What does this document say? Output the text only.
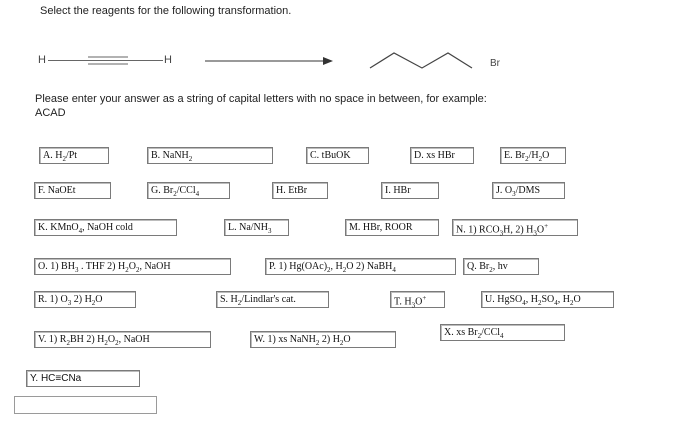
Select the reagents for the following transformation.
H	H	Br
Please enter your answer as a string of capital letters with no space in between, for example:
ACAD
A. $H_2/Pt$	B. NaNH$_2$	C. tBuOK	D. xs HBr	E. $Br_2/H_2O$
F. NaOEt	G. $Br_2/CCl_4$	H. EtBr	I. HBr	J. $O_3$/DMS
K. KMnO$_4$, NaOH cold	L. $Na/NH_3$	M. HBr, ROOR	N. 1) $RCO_3H$, 2) $H_3O^+$
O. 1) $BH_3$ . THF 2) $H_2O_2$, NaOH	P. 1) $Hg(OAc)_2$, $H_2O$ 2) NaBH$_4$	Q. $Br_2$, hv
R. 1) $O_3$ 2) $H_2O$	S. $H_2/Lindlar's$ cat.	T. $H_3O^+$	U. HgSO$_4$, $H_2SO_4$, $H_2O$
V. 1) $R_2BH$ 2) $H_2O_2$, NaOH	W. 1) xs NaNH$_2$ 2) $H_2O$
X. xs $Br_2/CCl_4$
Y. HC≡CNa
